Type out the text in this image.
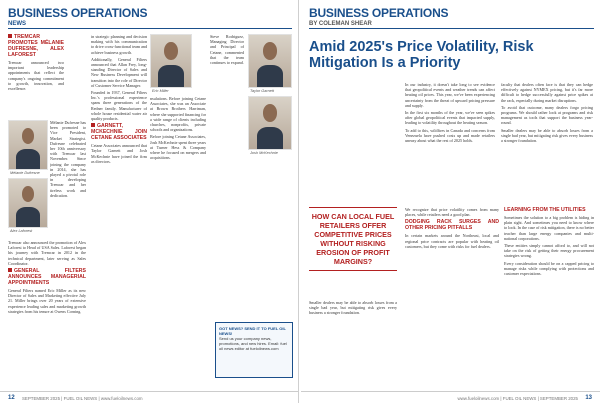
BUSINESS OPERATIONS
NEWS
TREMCAR PROMOTES MÉLANIE DUFRESNE, ALEX LAFOREST

Tremcar announced two important leadership appointments that reflect the company's ongoing commitment to growth, innovation, and excellence.

Mélanie Dufresne

Mélanie Dufresne has been promoted to Vice President, Market Strategist. Dufresne celebrated her 10th anniversary with Tremcar last November. Since joining the company in 2014, she has played a pivotal role in developing Tremcar and her tireless work and dedication.

Alex Laforest

Tremcar also announced the promotion of Alex Laforest to Head of USA Sales. Laforest began his journey with Tremcar in 2012 in the technical department, later serving as Sales Coordinator.

GENERAL FILTERS ANNOUNCES MANAGERIAL APPOINTMENTS

General Filters named Eric Miller as its new Director of Sales and Marketing effective July 21. Miller brings over 20 years of extensive experience leading sales and marketing growth strategies from his tenure at Owens Corning.

in strategic planning and decision making with his communication to drive cross-functional team and achieve business growth.

Additionally, General Filters announced that Allan Frey, long-standing Director of Sales and New Business Development will transition into the role of Director of Customer Service Manager.

Founded in 1937, General Filters Inc.'s professional experience spans three generations of the Redner family. Manufacturer of whole house residential water air quality products.

GARNETT, MCKECHNIE JOIN CETANE ASSOCIATES

Cetane Associates announced that Taylor Garnett and Josh McKechnie have joined the firm as directors.

Eric Miller

nsulations. Before joining Cetane Associates, she was an Associate at Brown Brothers Harriman, where she supported financing for a wide range of clients including churches, nonprofits, private schools and organizations.

Before joining Cetane Associates, Josh McKechnie spent three years at Turner Hess & Company where he focused on mergers and acquisitions.

Taylor Garnett
Josh McKechnie

Steve Rodriguez, Managing Director and Principal of Cetane, commented that the team continues to expand.

GOT NEWS? SEND IT TO FUEL OIL NEWS!
Send us your company news, promotions, and new hires. Email: fuel oil news editor at fueloilnews.com
12 SEPTEMBER 2025 | FUEL OIL NEWS | www.fueloilnews.com
BUSINESS OPERATIONS
BY COLEMAN SHEAR
Amid 2025's Price Volatility, Risk Mitigation Is a Priority

In our industry, it doesn't take long to see evidence that geopolitical events and weather trends can affect heating oil prices. This year, we've been experiencing uncertainty from the threat of upward pricing pressure and supply.

In the first six months of the year, we've seen spikes after global geopolitical events that impacted supply, leading to volatility throughout the heating season.

To add to this, wildfires in Canada and concerns from Venezuela have pushed costs up and made retailers uneasy about what the rest of 2025 holds.

faculty that dealers often face is that they can hedge effectively against NYMEX pricing, but it's far more difficult to hedge successfully against price spikes at the rack, especially during market disruptions.

To avoid that outcome, many dealers forgo pricing programs. We should rather look at programs and risk management as tools that support the business year-round.

Smaller dealers may be able to absorb losses from a single bad year, but mitigating risk gives every business a stronger foundation.

HOW CAN LOCAL FUEL RETAILERS OFFER COMPETITIVE PRICES WITHOUT RISKING EROSION OF PROFIT MARGINS?

We recognize that price volatility comes from many places, while retailers need a good plan.

DODGING RACK SURGES AND OTHER PRICING PITFALLS

In certain markets around the Northeast, local and regional price contracts are popular with heating oil customers, but they come with risks for fuel dealers.

Smaller dealers may be able to absorb losses from a single bad year, but mitigating risk gives every business a stronger foundation.

LEARNING FROM THE UTILITIES

Sometimes the solution to a big problem is hiding in plain sight. And sometimes you need to know where to look. In the case of risk mitigation, there is no better teacher than large energy companies and multi-national corporations.

These entities simply cannot afford to, and will not take on the risk of getting their energy procurement strategies wrong.

Every consideration should be on a capped pricing to manage risks while complying with protections and customer expectations.

www.fueloilnews.com | FUEL OIL NEWS | SEPTEMBER 2025 13
